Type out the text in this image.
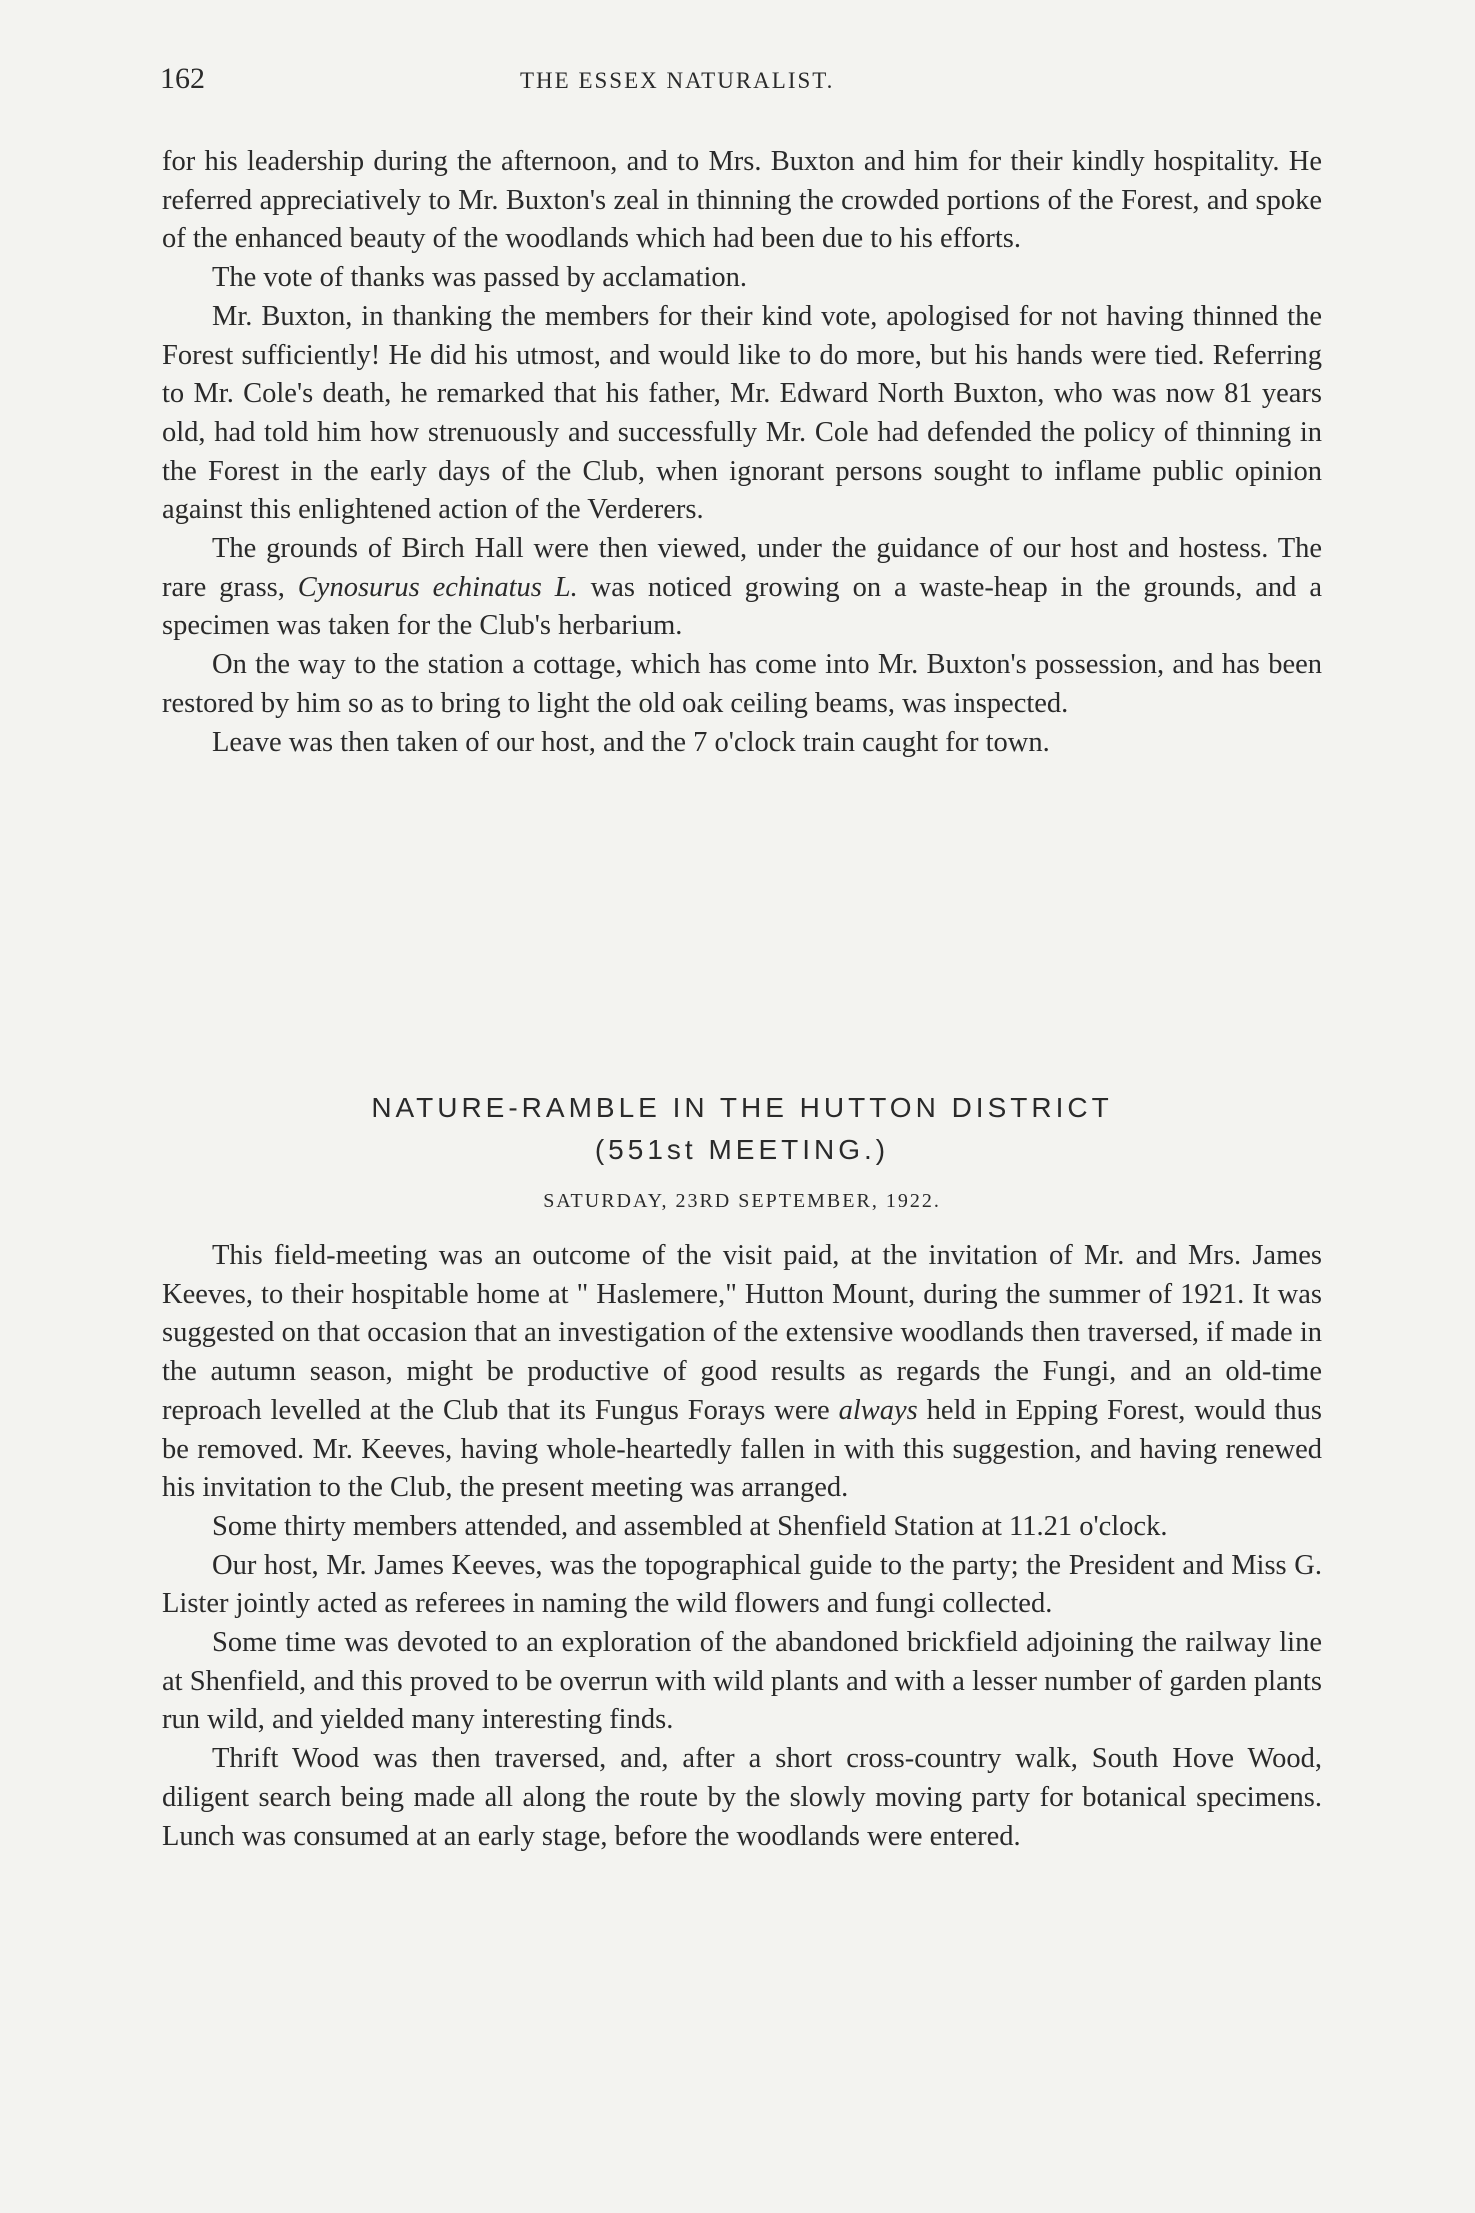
162	THE ESSEX NATURALIST.

for his leadership during the afternoon, and to Mrs. Buxton and him for their kindly hospitality. He referred appreciatively to Mr. Buxton's zeal in thinning the crowded portions of the Forest, and spoke of the enhanced beauty of the woodlands which had been due to his efforts.

The vote of thanks was passed by acclamation.

Mr. Buxton, in thanking the members for their kind vote, apologised for not having thinned the Forest sufficiently! He did his utmost, and would like to do more, but his hands were tied. Referring to Mr. Cole's death, he remarked that his father, Mr. Edward North Buxton, who was now 81 years old, had told him how strenuously and successfully Mr. Cole had defended the policy of thinning in the Forest in the early days of the Club, when ignorant persons sought to inflame public opinion against this enlightened action of the Verderers.

The grounds of Birch Hall were then viewed, under the guidance of our host and hostess. The rare grass, Cynosurus echinatus L. was noticed growing on a waste-heap in the grounds, and a specimen was taken for the Club's herbarium.

On the way to the station a cottage, which has come into Mr. Buxton's possession, and has been restored by him so as to bring to light the old oak ceiling beams, was inspected.

Leave was then taken of our host, and the 7 o'clock train caught for town.

NATURE-RAMBLE IN THE HUTTON DISTRICT
(551st MEETING.)
SATURDAY, 23RD SEPTEMBER, 1922.

This field-meeting was an outcome of the visit paid, at the invitation of Mr. and Mrs. James Keeves, to their hospitable home at " Haslemere," Hutton Mount, during the summer of 1921. It was suggested on that occasion that an investigation of the extensive woodlands then traversed, if made in the autumn season, might be productive of good results as regards the Fungi, and an old-time reproach levelled at the Club that its Fungus Forays were always held in Epping Forest, would thus be removed. Mr. Keeves, having whole-heartedly fallen in with this suggestion, and having renewed his invitation to the Club, the present meeting was arranged.

Some thirty members attended, and assembled at Shenfield Station at 11.21 o'clock.

Our host, Mr. James Keeves, was the topographical guide to the party; the President and Miss G. Lister jointly acted as referees in naming the wild flowers and fungi collected.

Some time was devoted to an exploration of the abandoned brickfield adjoining the railway line at Shenfield, and this proved to be overrun with wild plants and with a lesser number of garden plants run wild, and yielded many interesting finds.

Thrift Wood was then traversed, and, after a short cross-country walk, South Hove Wood, diligent search being made all along the route by the slowly moving party for botanical specimens. Lunch was consumed at an early stage, before the woodlands were entered.
